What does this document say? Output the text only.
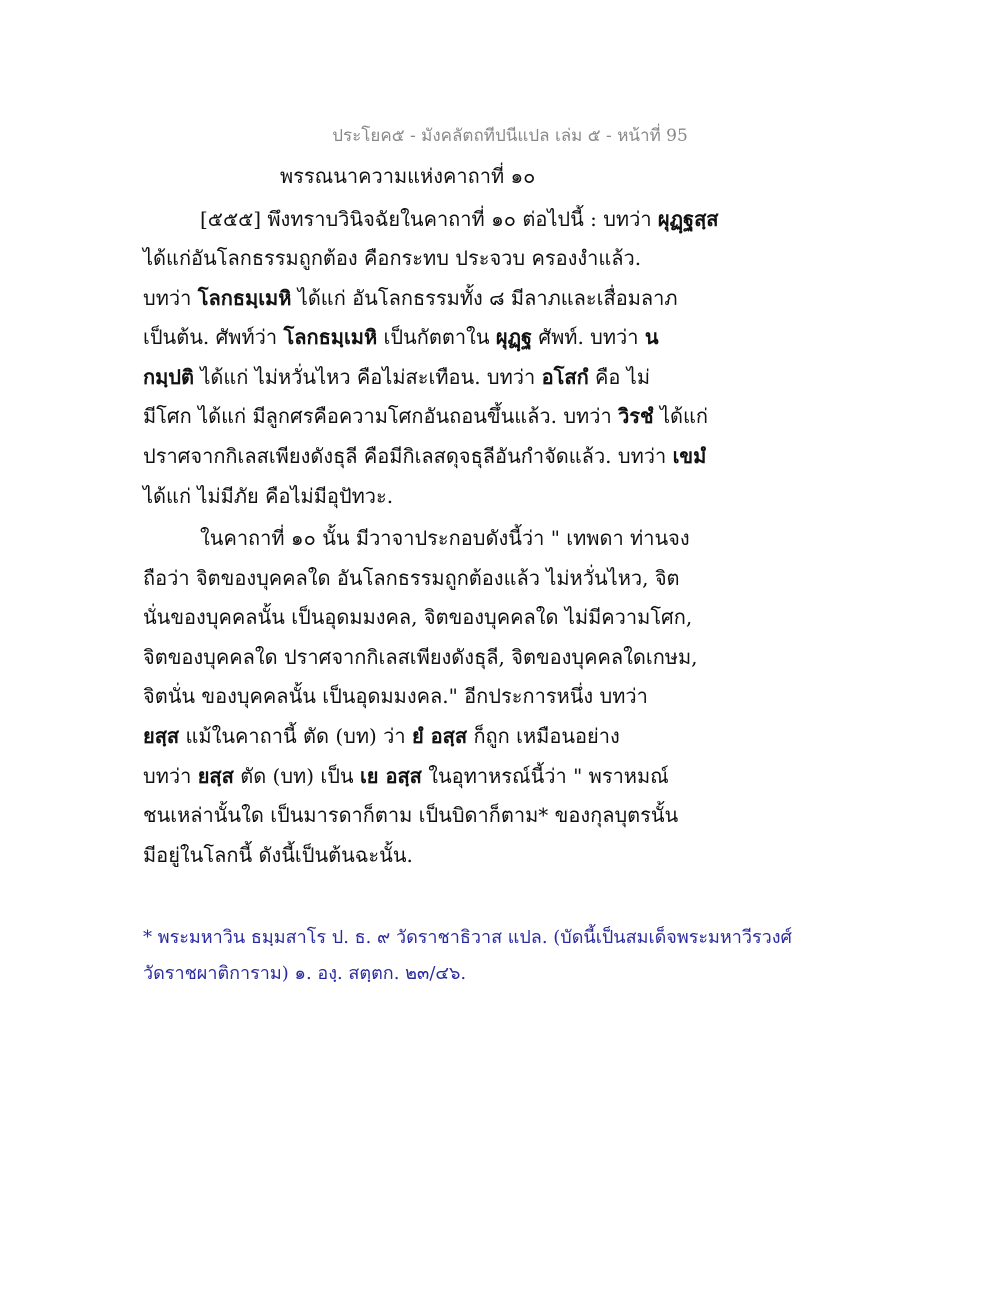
ประโยค๕ - มังคลัตถทีปนีแปล เล่ม ๕ - หน้าที่ 95
พรรณนาความแห่งคาถาที่ ๑๐
[๕๕๕] พึงทราบวินิจฉัยในคาถาที่ ๑๐ ต่อไปนี้ : บทว่า ผุฏฺฐสฺส
ได้แก่อันโลกธรรมถูกต้อง คือกระทบ ประจวบ ครองงำแล้ว.
บทว่า โลกธมฺเมหิ ได้แก่ อันโลกธรรมทั้ง ๘ มีลาภและเสื่อมลาภ
เป็นต้น. ศัพท์ว่า โลกธมฺเมหิ เป็นกัตตาใน ผุฏฺฐ ศัพท์. บทว่า น
กมฺปติ ได้แก่ ไม่หวั่นไหว คือไม่สะเทือน. บทว่า อโสกํ คือ ไม่
มีโศก ได้แก่ มีลูกศรคือความโศกอันถอนขึ้นแล้ว. บทว่า วิรชํ ได้แก่
ปราศจากกิเลสเพียงดังธุลี คือมีกิเลสดุจธุลีอันกำจัดแล้ว. บทว่า เขมํ
ได้แก่ ไม่มีภัย คือไม่มีอุปัทวะ.
ในคาถาที่ ๑๐ นั้น มีวาจาประกอบดังนี้ว่า " เทพดา ท่านจง
ถือว่า จิตของบุคคลใด อันโลกธรรมถูกต้องแล้ว ไม่หวั่นไหว, จิต
นั่นของบุคคลนั้น เป็นอุดมมงคล, จิตของบุคคลใด ไม่มีความโศก,
จิตของบุคคลใด ปราศจากกิเลสเพียงดังธุลี, จิตของบุคคลใดเกษม,
จิตนั่น ของบุคคลนั้น เป็นอุดมมงคล." อีกประการหนึ่ง บทว่า
ยสฺส แม้ในคาถานี้ ตัด (บท) ว่า ยํ อสฺส ก็ถูก เหมือนอย่าง
บทว่า ยสฺส ตัด (บท) เป็น เย อสฺส ในอุทาหรณ์นี้ว่า " พราหมณ์
ชนเหล่านั้นใด เป็นมารดาก็ตาม เป็นบิดาก็ตาม* ของกุลบุตรนั้น
มีอยู่ในโลกนี้ ดังนี้เป็นต้นฉะนั้น.
* พระมหาวิน ธมฺมสาโร ป. ธ. ๙ วัดราชาธิวาส แปล. (บัดนี้เป็นสมเด็จพระมหาวีรวงศ์
วัดราชผาติการาม) ๑. องฺ. สตฺตก. ๒๓/๔๖.
